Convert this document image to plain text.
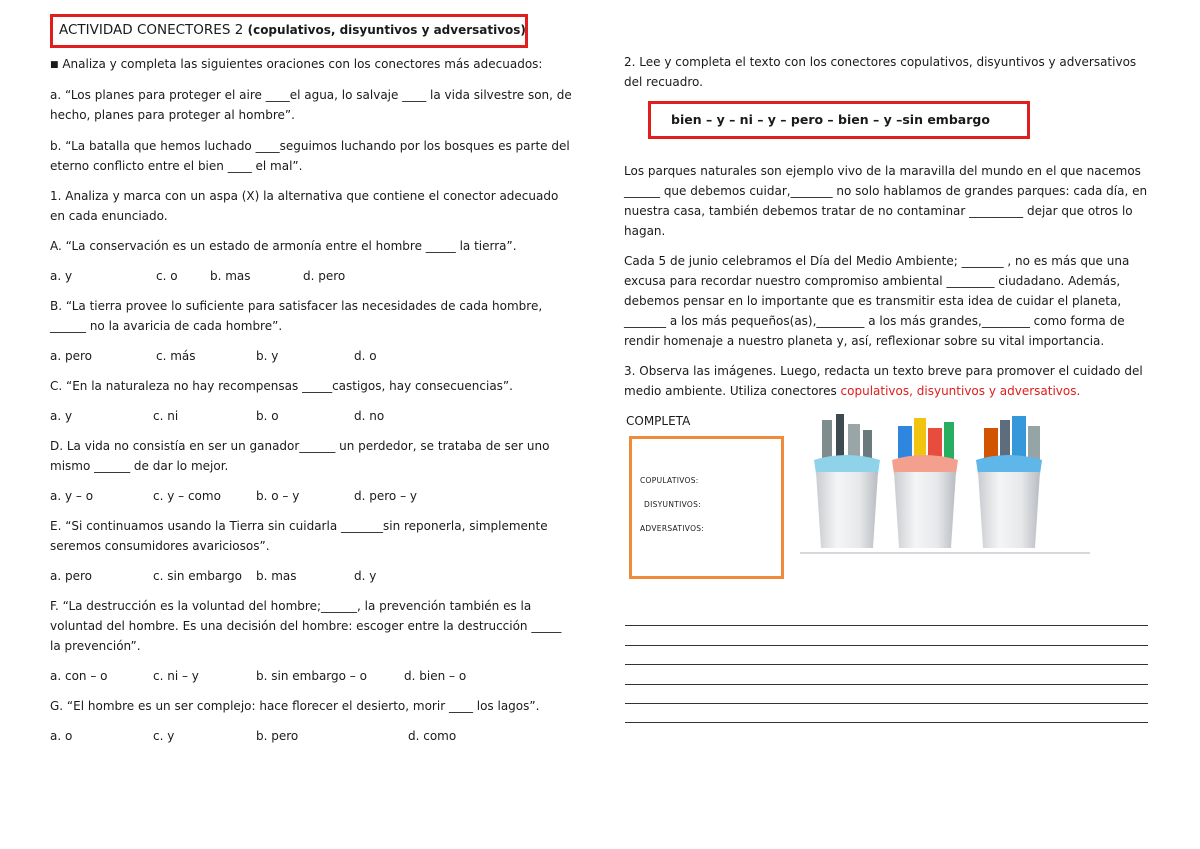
ACTIVIDAD CONECTORES 2 (copulativos, disyuntivos y adversativos)

■ Analiza y completa las siguientes oraciones con los conectores más adecuados:

a. “Los planes para proteger el aire ____el agua, lo salvaje ____ la vida silvestre son, de hecho, planes para proteger al hombre”.

b. “La batalla que hemos luchado ____seguimos luchando por los bosques es parte del eterno conflicto entre el bien ____ el mal”.

1. Analiza y marca con un aspa (X) la alternativa que contiene el conector adecuado en cada enunciado.

A. “La conservación es un estado de armonía entre el hombre _____ la tierra”.

a. y	c. o	b. mas	d. pero

B. “La tierra provee lo suficiente para satisfacer las necesidades de cada hombre, ______ no la avaricia de cada hombre”.

a. pero	c. más	b. y	d. o

C. “En la naturaleza no hay recompensas _____castigos, hay consecuencias”.

a. y	c. ni	b. o	d. no

D. La vida no consistía en ser un ganador______ un perdedor, se trataba de ser uno mismo ______ de dar lo mejor.

a. y – o	c. y – como	b. o – y	d. pero – y

E. “Si continuamos usando la Tierra sin cuidarla _______sin reponerla, simplemente seremos consumidores avariciosos”.

a. pero	c. sin embargo b. mas	d. y

F. “La destrucción es la voluntad del hombre;______, la prevención también es la voluntad del hombre. Es una decisión del hombre: escoger entre la destrucción _____ la prevención”.

a. con – o	c. ni – y	b. sin embargo – o	d. bien – o

G. “El hombre es un ser complejo: hace florecer el desierto, morir ____ los lagos”.

a. o	c. y	b. pero	d. como

2. Lee y completa el texto con los conectores copulativos, disyuntivos y adversativos del recuadro.

bien – y – ni – y – pero – bien – y –sin embargo

Los parques naturales son ejemplo vivo de la maravilla del mundo en el que nacemos ______ que debemos cuidar,_______ no solo hablamos de grandes parques: cada día, en nuestra casa, también debemos tratar de no contaminar _________ dejar que otros lo hagan.

Cada 5 de junio celebramos el Día del Medio Ambiente; _______ , no es más que una excusa para recordar nuestro compromiso ambiental ________ ciudadano. Además, debemos pensar en lo importante que es transmitir esta idea de cuidar el planeta, _______ a los más pequeños(as),________ a los más grandes,________ como forma de rendir homenaje a nuestro planeta y, así, reflexionar sobre su vital importancia.

3. Observa las imágenes. Luego, redacta un texto breve para promover el cuidado del medio ambiente. Utiliza conectores copulativos, disyuntivos y adversativos.

COMPLETA
COPULATIVOS:
DISYUNTIVOS:
ADVERSATIVOS:
